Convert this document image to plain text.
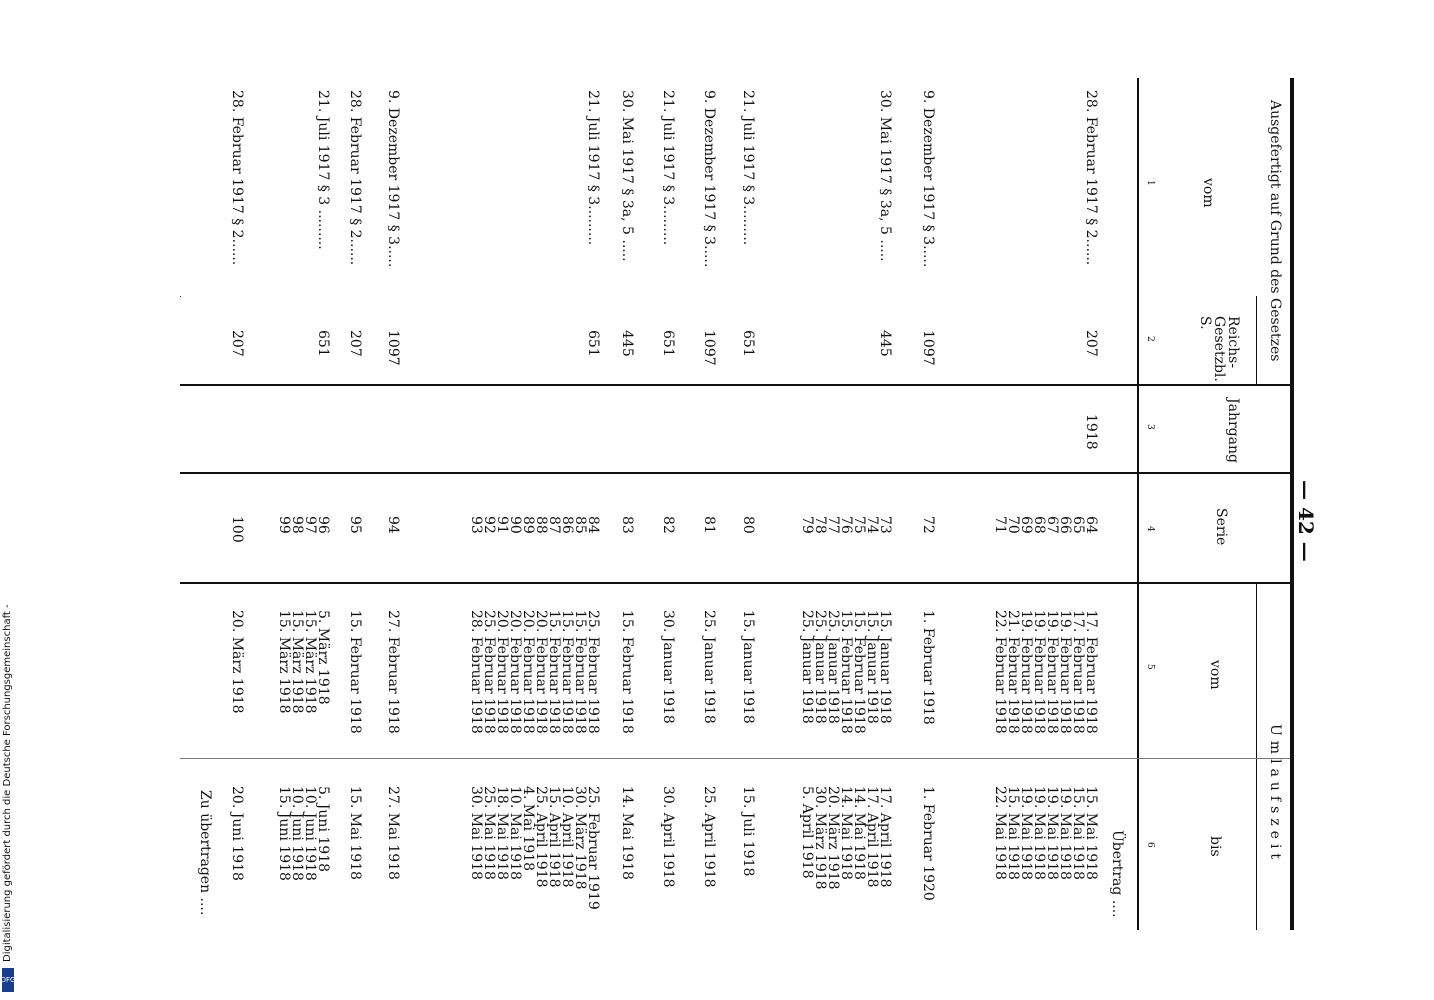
— 42 —
Ausgefertigt auf Grund des Gesetzes
vom
Reichs-Gesetzbl. S.
Jahrgang
Serie
Umlaufszeit
vom
bis
1
2
3
4
5
6
Übertrag ....
Zu übertragen ....
28. Februar 1917 § 2......
207
1918
64
17. Februar 1918
15. Mai 1918
65
17. Februar 1918
15. Mai 1918
66
19. Februar 1918
19. Mai 1918
67
19. Februar 1918
19. Mai 1918
68
19. Februar 1918
19. Mai 1918
69
19. Februar 1918
19. Mai 1918
70
21. Februar 1918
15. Mai 1918
71
22. Februar 1918
22. Mai 1918
9. Dezember 1917 § 3.....
1097
72
1. Februar 1918
1. Februar 1920
30. Mai 1917 § 3a, 5 .....
445
73
15. Januar 1918
17. April 1918
74
15. Januar 1918
17. April 1918
75
15. Februar 1918
14. Mai 1918
76
15. Februar 1918
14. Mai 1918
77
25. Januar 1918
20. März 1918
78
25. Januar 1918
30. März 1918
79
25. Januar 1918
5. April 1918
21. Juli 1917 § 3.........
651
80
15. Januar 1918
15. Juli 1918
9. Dezember 1917 § 3.....
1097
81
25. Januar 1918
25. April 1918
21. Juli 1917 § 3.........
651
82
30. Januar 1918
30. April 1918
30. Mai 1917 § 3a, 5 .....
445
83
15. Februar 1918
14. Mai 1918
21. Juli 1917 § 3.........
651
84
25. Februar 1918
25. Februar 1919
85
15. Februar 1918
30. März 1918
86
15. Februar 1918
10. April 1918
87
15. Februar 1918
15. April 1918
88
20. Februar 1918
25. April 1918
89
20. Februar 1918
4. Mai 1918
90
20. Februar 1918
10. Mai 1918
91
20. Februar 1918
18. Mai 1918
92
25. Februar 1918
25. Mai 1918
93
28. Februar 1918
30. Mai 1918
9. Dezember 1917 § 3.....
1097
94
27. Februar 1918
27. Mai 1918
28. Februar 1917 § 2......
207
95
15. Februar 1918
15. Mai 1918
21. Juli 1917 § 3 .........
651
96
5. März 1918
5. Juni 1918
97
15. März 1918
10. Juni 1918
98
15. März 1918
10. Juni 1918
99
15. März 1918
15. Juni 1918
28. Februar 1917 § 2......
207
100
20. März 1918
20. Juni 1918
Digitalisierung gefördert durch die Deutsche Forschungsgemeinschaft -
DFG
